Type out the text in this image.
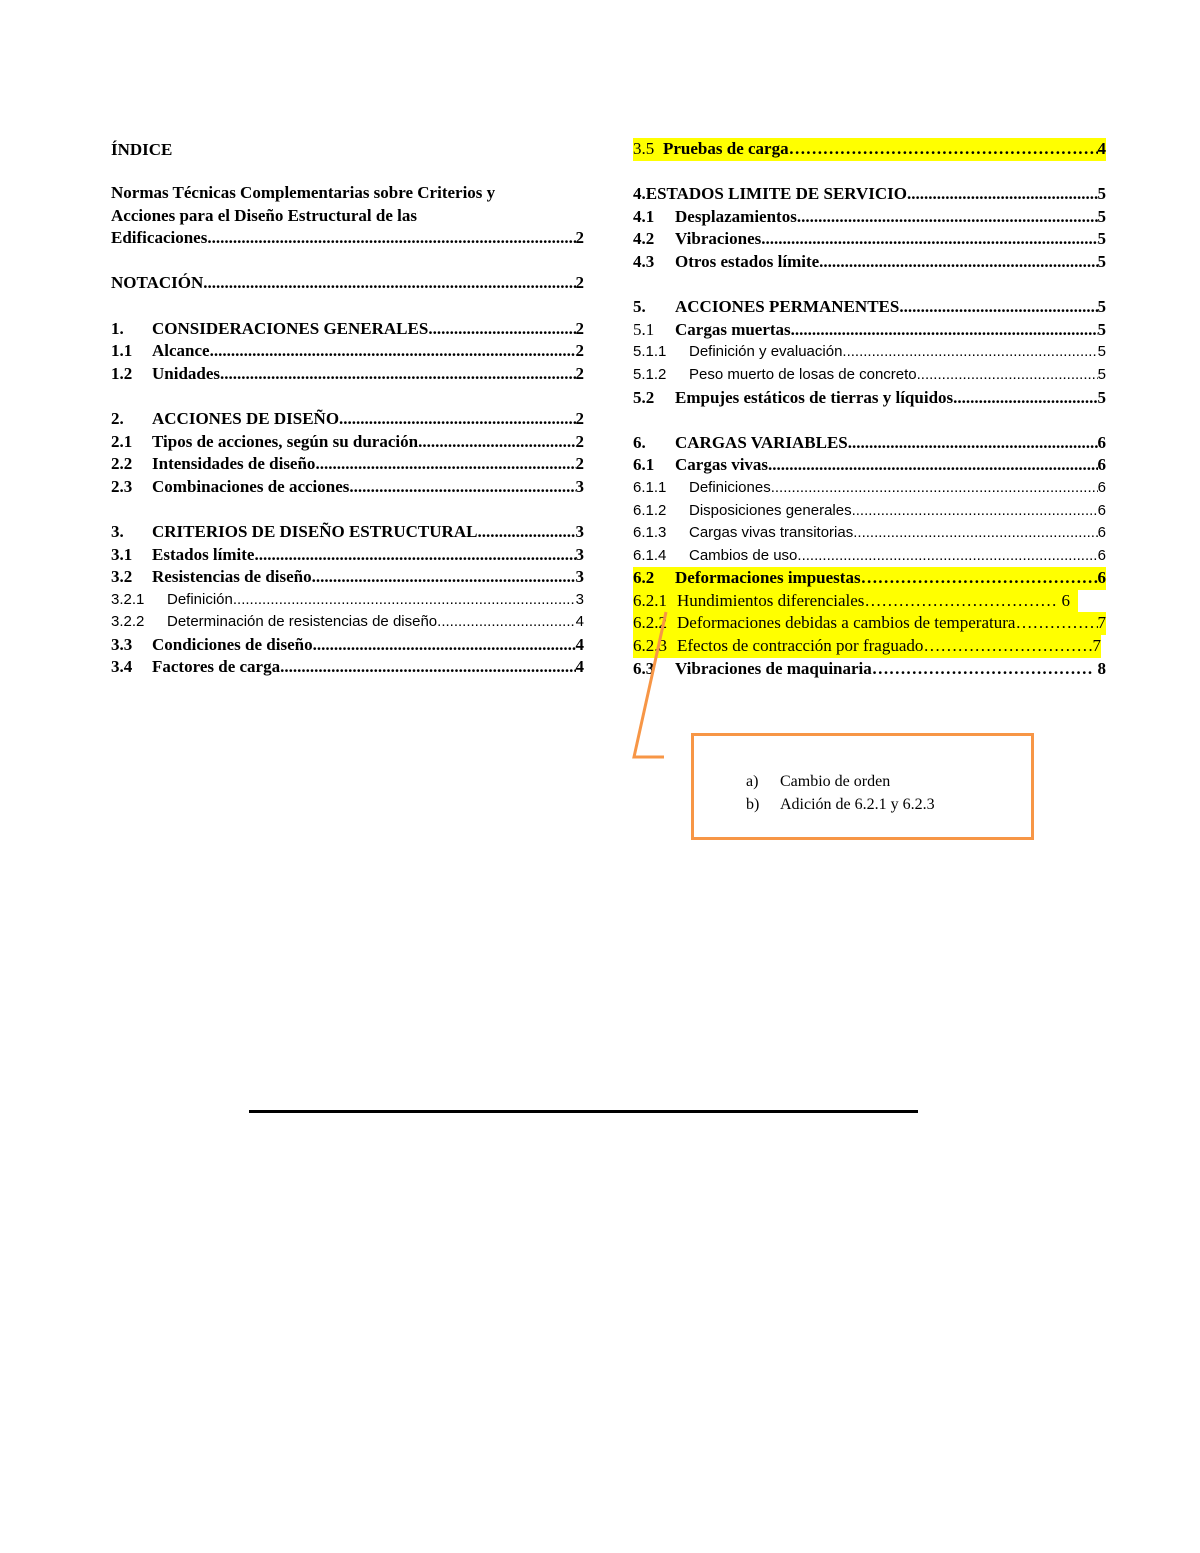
ÍNDICE
Normas Técnicas Complementarias sobre Criterios y
Acciones para el Diseño Estructural de las
Edificaciones .....	2
NOTACIÓN .....	2
1.	CONSIDERACIONES GENERALES .....	2
1.1	Alcance .....	2
1.2	Unidades .....	2
2.	ACCIONES DE DISEÑO .....	2
2.1	Tipos de acciones, según su duración .....	2
2.2	Intensidades de diseño .....	2
2.3	Combinaciones de acciones .....	3
3.	CRITERIOS DE DISEÑO ESTRUCTURAL .....	3
3.1	Estados límite .....	3
3.2	Resistencias de diseño .....	3
3.2.1	Definición .....	3
3.2.2	Determinación de resistencias de diseño .....	4
3.3	Condiciones de diseño .....	4
3.4	Factores de carga .....	4
3.5 Pruebas de carga ………………………………………………………………………………………………………………………………………………	4
4. ESTADOS LIMITE DE SERVICIO .....	5
4.1	Desplazamientos .....	5
4.2	Vibraciones .....	5
4.3	Otros estados límite .....	5
5.	ACCIONES PERMANENTES .....	5
5.1	Cargas muertas .....	5
5.1.1	Definición y evaluación .....	5
5.1.2	Peso muerto de losas de concreto .....	5
5.2	Empujes estáticos de tierras y líquidos .....	5
6.	CARGAS VARIABLES .....	6
6.1	Cargas vivas .....	6
6.1.1	Definiciones .....	6
6.1.2	Disposiciones generales .....	6
6.1.3	Cargas vivas transitorias .....	6
6.1.4	Cambios de uso .....	6
6.2	Deformaciones impuestas ………………………………………………………………………………………………………………………………………………	6
6.2.1 Hundimientos diferenciales ………………………………………………………………………………………………………………………………………………	6
6.2.2 Deformaciones debidas a cambios de temperatura ………………………………………………………………………………………………………………………………………………	7
6.2.3 Efectos de contracción por fraguado ………………………………………………………………………………………………………………………………………………	7
6.3	Vibraciones de maquinaria ………………………………………………………………………………………………………………………………………………	8
a) Cambio de orden
b) Adición de 6.2.1 y 6.2.3
